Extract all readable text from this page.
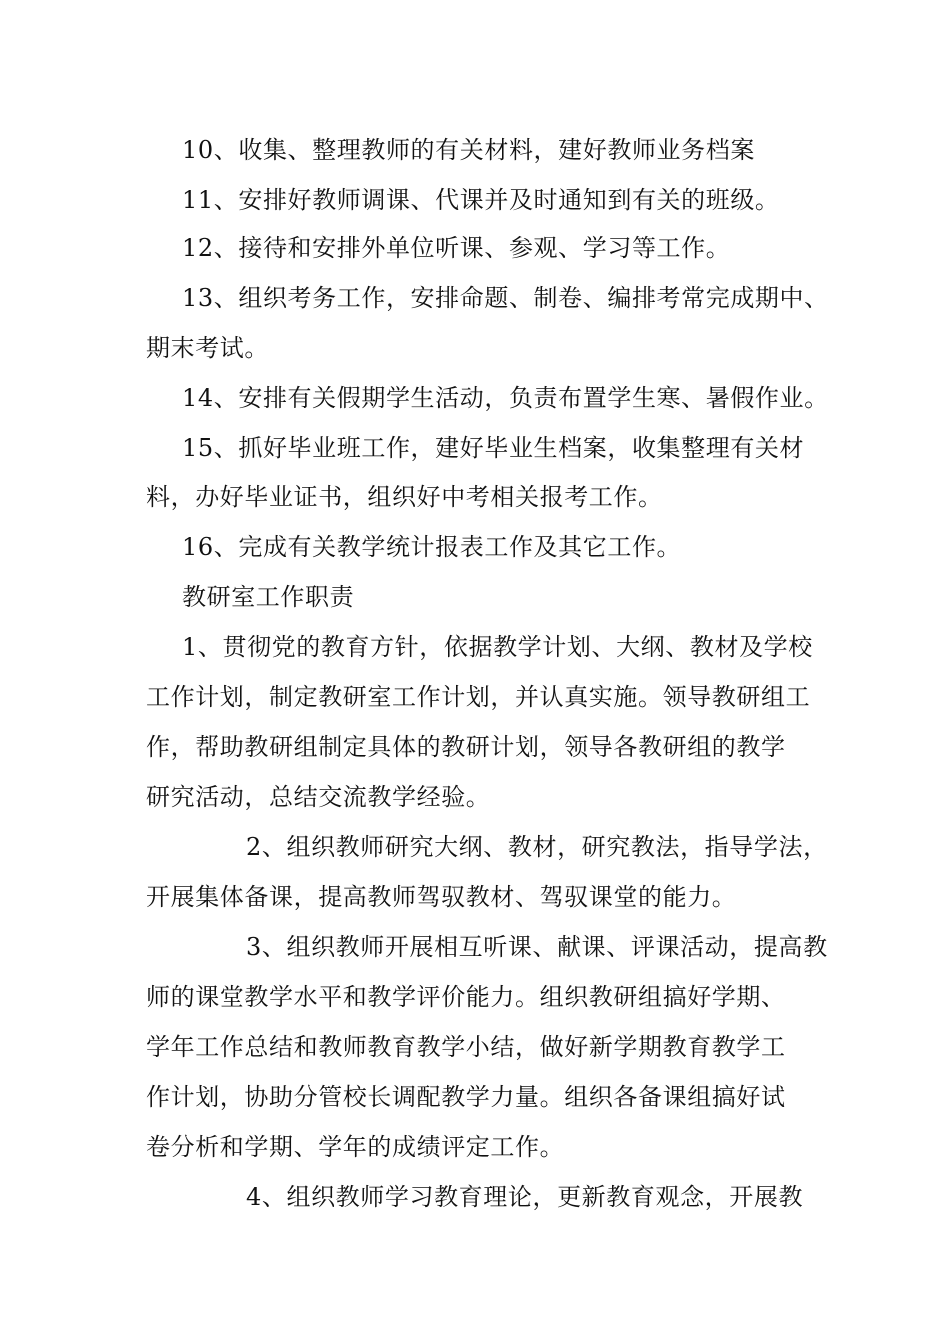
10、收集、整理教师的有关材料，建好教师业务档案
11、安排好教师调课、代课并及时通知到有关的班级。
12、接待和安排外单位听课、参观、学习等工作。
13、组织考务工作，安排命题、制卷、编排考常完成期中、
期末考试。
14、安排有关假期学生活动，负责布置学生寒、暑假作业。
15、抓好毕业班工作，建好毕业生档案，收集整理有关材
料，办好毕业证书，组织好中考相关报考工作。
16、完成有关教学统计报表工作及其它工作。
教研室工作职责
1、贯彻党的教育方针，依据教学计划、大纲、教材及学校
工作计划，制定教研室工作计划，并认真实施。领导教研组工
作，帮助教研组制定具体的教研计划，领导各教研组的教学
研究活动，总结交流教学经验。
2、组织教师研究大纲、教材，研究教法，指导学法，
开展集体备课，提高教师驾驭教材、驾驭课堂的能力。
3、组织教师开展相互听课、献课、评课活动，提高教
师的课堂教学水平和教学评价能力。组织教研组搞好学期、
学年工作总结和教师教育教学小结，做好新学期教育教学工
作计划，协助分管校长调配教学力量。组织各备课组搞好试
卷分析和学期、学年的成绩评定工作。
4、组织教师学习教育理论，更新教育观念，开展教
